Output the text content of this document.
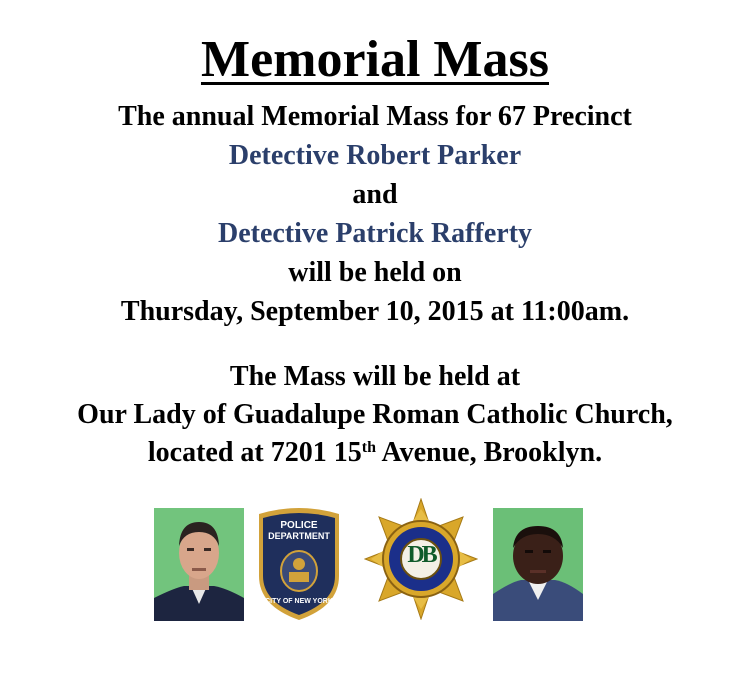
Memorial Mass
The annual Memorial Mass for 67 Precinct
Detective Robert Parker
and
Detective Patrick Rafferty
will be held on
Thursday, September 10, 2015 at 11:00am.
The Mass will be held at
Our Lady of Guadalupe Roman Catholic Church,
located at 7201 15th Avenue, Brooklyn.
POLICE
DEPARTMENT
CITY OF NEW YORK
DB
